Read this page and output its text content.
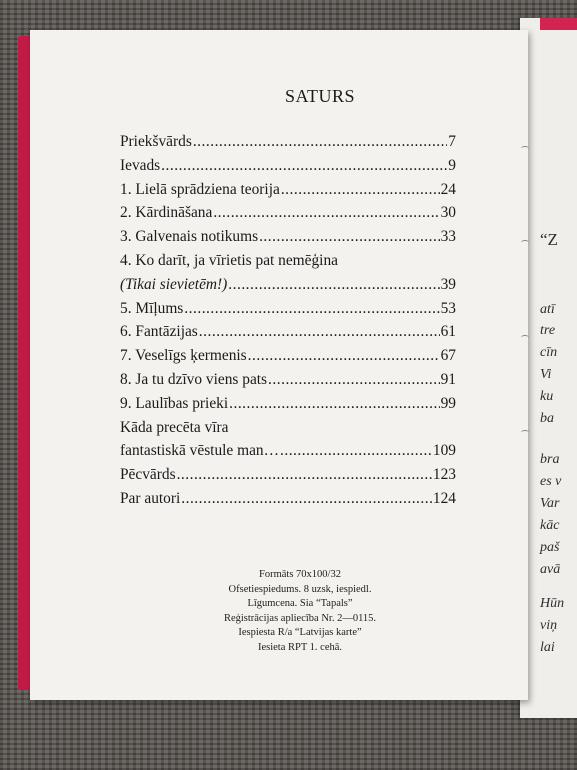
“Z
atī
tre
cīn
Vi
ku
ba
bra
es v
Var
kāc
paš
avā
Hūn
viņ
lai
SATURS
Priekšvārds .....	7
Ievads .....	9
1. Lielā sprādziena teorija .....	24
2. Kārdināšana .....	30
3. Galvenais notikums .....	33
4. Ko darīt, ja vīrietis pat nemēģina
(Tikai sievietēm!) .....	39
5. Mīļums .....	53
6. Fantāzijas .....	61
7. Veselīgs ķermenis .....	67
8. Ja tu dzīvo viens pats .....	91
9. Laulības prieki .....	99
Kāda precēta vīra
fantastiskā vēstule man… .....	109
Pēcvārds .....	123
Par autori .....	124
Formāts 70x100/32
Ofsetiespiedums. 8 uzsk, iespiedl.
Līgumcena. Sia “Tapals”
Reģistrācijas apliecība Nr. 2—0115.
Iespiesta R/a “Latvijas karte”
Iesieta RPT 1. cehā.
